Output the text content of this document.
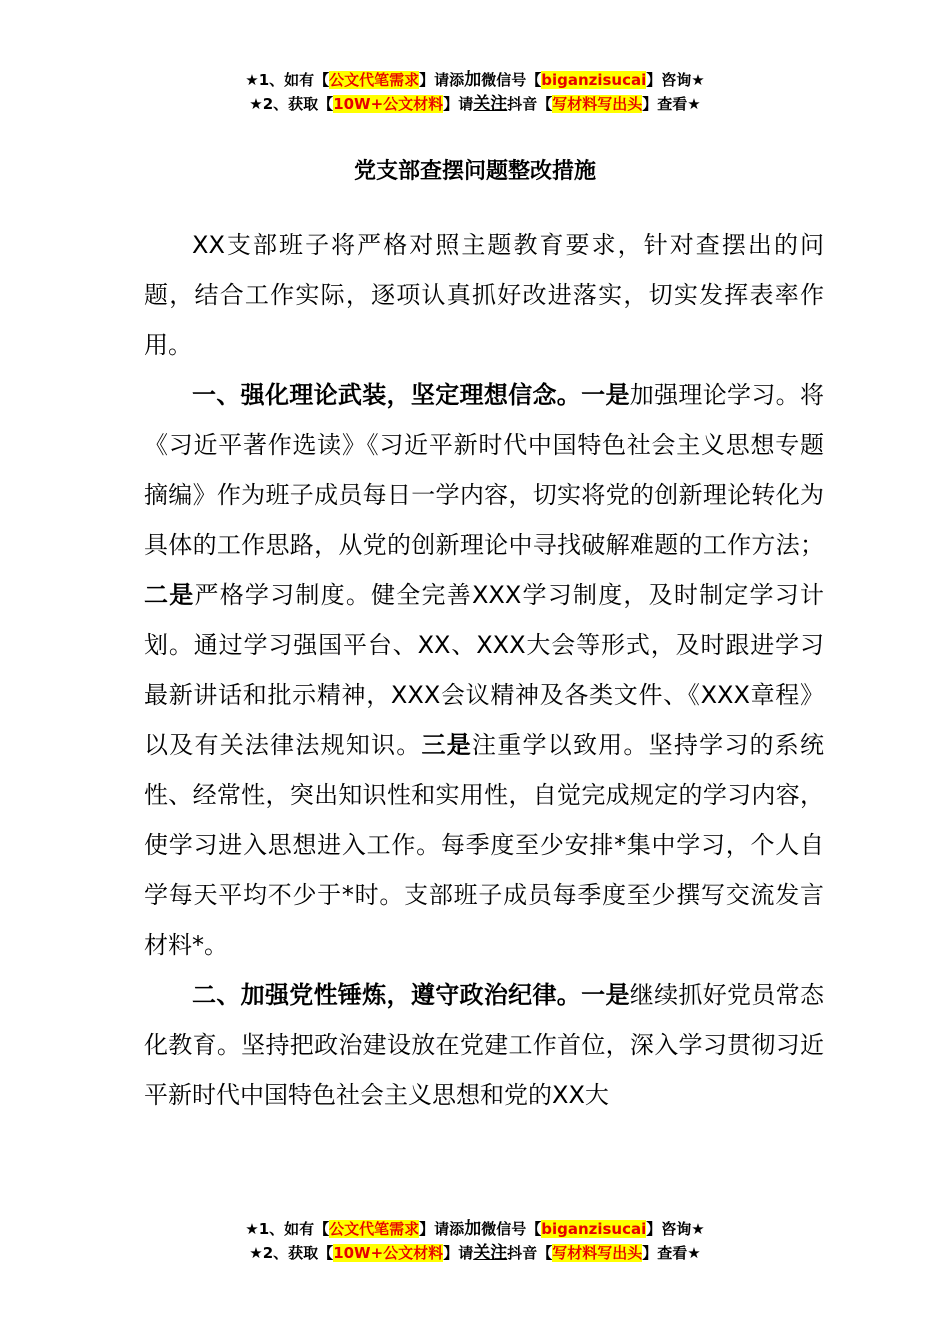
★1、如有【公文代笔需求】请添加微信号【biganzisucai】咨询★
★2、获取【10W+公文材料】请关注抖音【写材料写出头】查看★
党支部查摆问题整改措施

XX支部班子将严格对照主题教育要求，针对查摆出的问题，结合工作实际，逐项认真抓好改进落实，切实发挥表率作用。

一、强化理论武装，坚定理想信念。一是加强理论学习。将《习近平著作选读》《习近平新时代中国特色社会主义思想专题摘编》作为班子成员每日一学内容，切实将党的创新理论转化为具体的工作思路，从党的创新理论中寻找破解难题的工作方法；二是严格学习制度。健全完善XXX学习制度，及时制定学习计划。通过学习强国平台、XX、XXX大会等形式，及时跟进学习最新讲话和批示精神，XXX会议精神及各类文件、《XXX章程》以及有关法律法规知识。三是注重学以致用。坚持学习的系统性、经常性，突出知识性和实用性，自觉完成规定的学习内容，使学习进入思想进入工作。每季度至少安排*集中学习，个人自学每天平均不少于*时。支部班子成员每季度至少撰写交流发言材料*。

二、加强党性锤炼，遵守政治纪律。一是继续抓好党员常态化教育。坚持把政治建设放在党建工作首位，深入学习贯彻习近平新时代中国特色社会主义思想和党的XX大

★1、如有【公文代笔需求】请添加微信号【biganzisucai】咨询★
★2、获取【10W+公文材料】请关注抖音【写材料写出头】查看★
